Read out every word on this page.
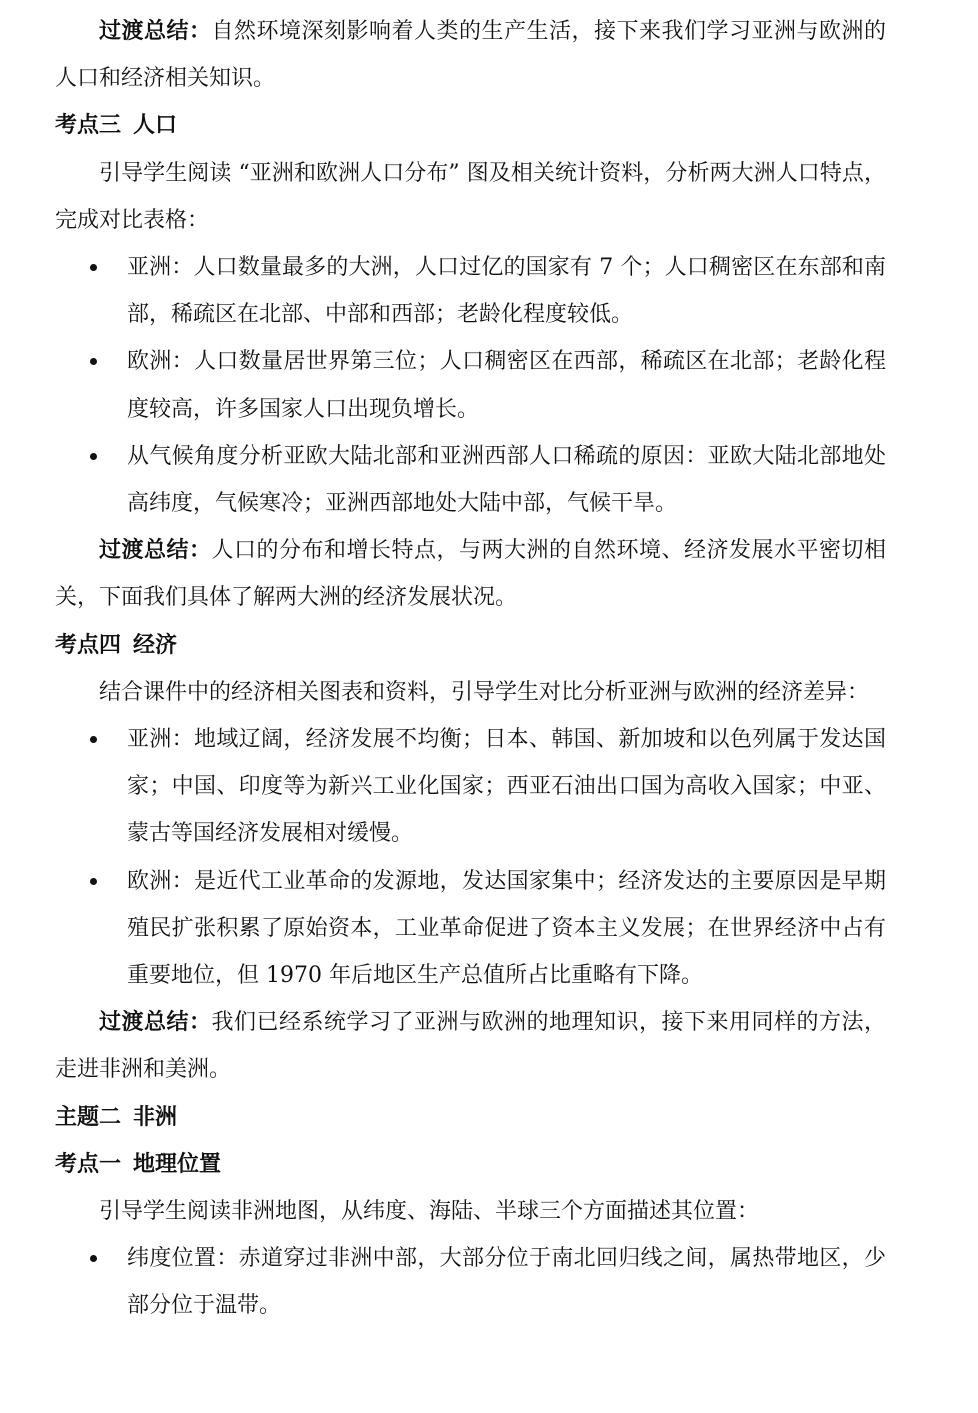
过渡总结：自然环境深刻影响着人类的生产生活，接下来我们学习亚洲与欧洲的人口和经济相关知识。

考点三 人口

引导学生阅读 “亚洲和欧洲人口分布” 图及相关统计资料，分析两大洲人口特点，完成对比表格：

亚洲：人口数量最多的大洲，人口过亿的国家有 7 个；人口稠密区在东部和南部，稀疏区在北部、中部和西部；老龄化程度较低。
欧洲：人口数量居世界第三位；人口稠密区在西部，稀疏区在北部；老龄化程度较高，许多国家人口出现负增长。
从气候角度分析亚欧大陆北部和亚洲西部人口稀疏的原因：亚欧大陆北部地处高纬度，气候寒冷；亚洲西部地处大陆中部，气候干旱。

过渡总结：人口的分布和增长特点，与两大洲的自然环境、经济发展水平密切相关，下面我们具体了解两大洲的经济发展状况。

考点四 经济

结合课件中的经济相关图表和资料，引导学生对比分析亚洲与欧洲的经济差异：

亚洲：地域辽阔，经济发展不均衡；日本、韩国、新加坡和以色列属于发达国家；中国、印度等为新兴工业化国家；西亚石油出口国为高收入国家；中亚、蒙古等国经济发展相对缓慢。
欧洲：是近代工业革命的发源地，发达国家集中；经济发达的主要原因是早期殖民扩张积累了原始资本，工业革命促进了资本主义发展；在世界经济中占有重要地位，但 1970 年后地区生产总值所占比重略有下降。

过渡总结：我们已经系统学习了亚洲与欧洲的地理知识，接下来用同样的方法，走进非洲和美洲。

主题二 非洲

考点一 地理位置

引导学生阅读非洲地图，从纬度、海陆、半球三个方面描述其位置：

纬度位置：赤道穿过非洲中部，大部分位于南北回归线之间，属热带地区，少部分位于温带。
